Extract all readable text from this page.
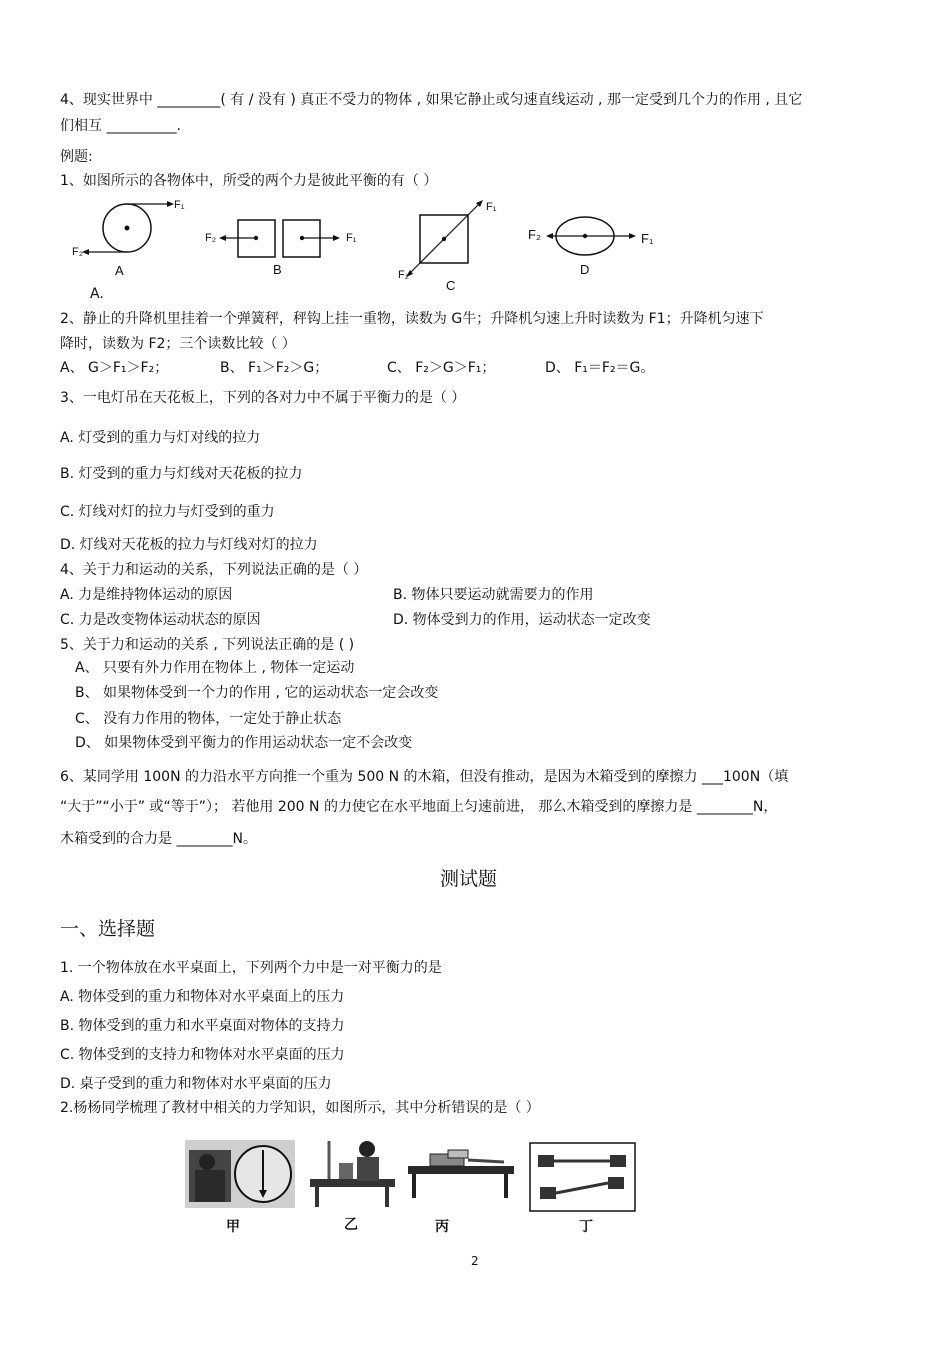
4、现实世界中 _________( 有 / 没有 ) 真正不受力的物体 , 如果它静止或匀速直线运动 , 那一定受到几个力的作用 , 且它
们相互 __________.
例题:
1、如图所示的各物体中，所受的两个力是彼此平衡的有（ ）
F₁
F₂
A
F₂	F₁
B
F₁
F₂
C
F₂	F₁
D
A.
2、静止的升降机里挂着一个弹簧秤，秤钩上挂一重物，读数为 G牛；升降机匀速上升时读数为 F1；升降机匀速下
降时，读数为 F2；三个读数比较（ ）
A、 G＞F₁＞F₂；	B、 F₁＞F₂＞G；	C、 F₂＞G＞F₁；	D、 F₁＝F₂＝G。
3、一电灯吊在天花板上，下列的各对力中不属于平衡力的是（ ）
A. 灯受到的重力与灯对线的拉力
B. 灯受到的重力与灯线对天花板的拉力
C. 灯线对灯的拉力与灯受到的重力
D. 灯线对天花板的拉力与灯线对灯的拉力
4、关于力和运动的关系，下列说法正确的是（ ）
A. 力是维持物体运动的原因	B. 物体只要运动就需要力的作用
C. 力是改变物体运动状态的原因	D. 物体受到力的作用，运动状态一定改变
5、关于力和运动的关系 , 下列说法正确的是 ( )
A、 只要有外力作用在物体上 , 物体一定运动
B、 如果物体受到一个力的作用 , 它的运动状态一定会改变
C、 没有力作用的物体，一定处于静止状态
D、 如果物体受到平衡力的作用运动状态一定不会改变
6、某同学用 100N 的力沿水平方向推一个重为 500 N 的木箱，但没有推动，是因为木箱受到的摩擦力 ___100N（填
“大于”“小于” 或“等于”）； 若他用 200 N 的力使它在水平地面上匀速前进， 那么木箱受到的摩擦力是 ________N，
木箱受到的合力是 ________N。
测试题
一、选择题
1. 一个物体放在水平桌面上，下列两个力中是一对平衡力的是
A. 物体受到的重力和物体对水平桌面上的压力
B. 物体受到的重力和水平桌面对物体的支持力
C. 物体受到的支持力和物体对水平桌面的压力
D. 桌子受到的重力和物体对水平桌面的压力
2.杨杨同学梳理了教材中相关的力学知识，如图所示，其中分析错误的是（ ）
甲	乙	丙	丁
2
